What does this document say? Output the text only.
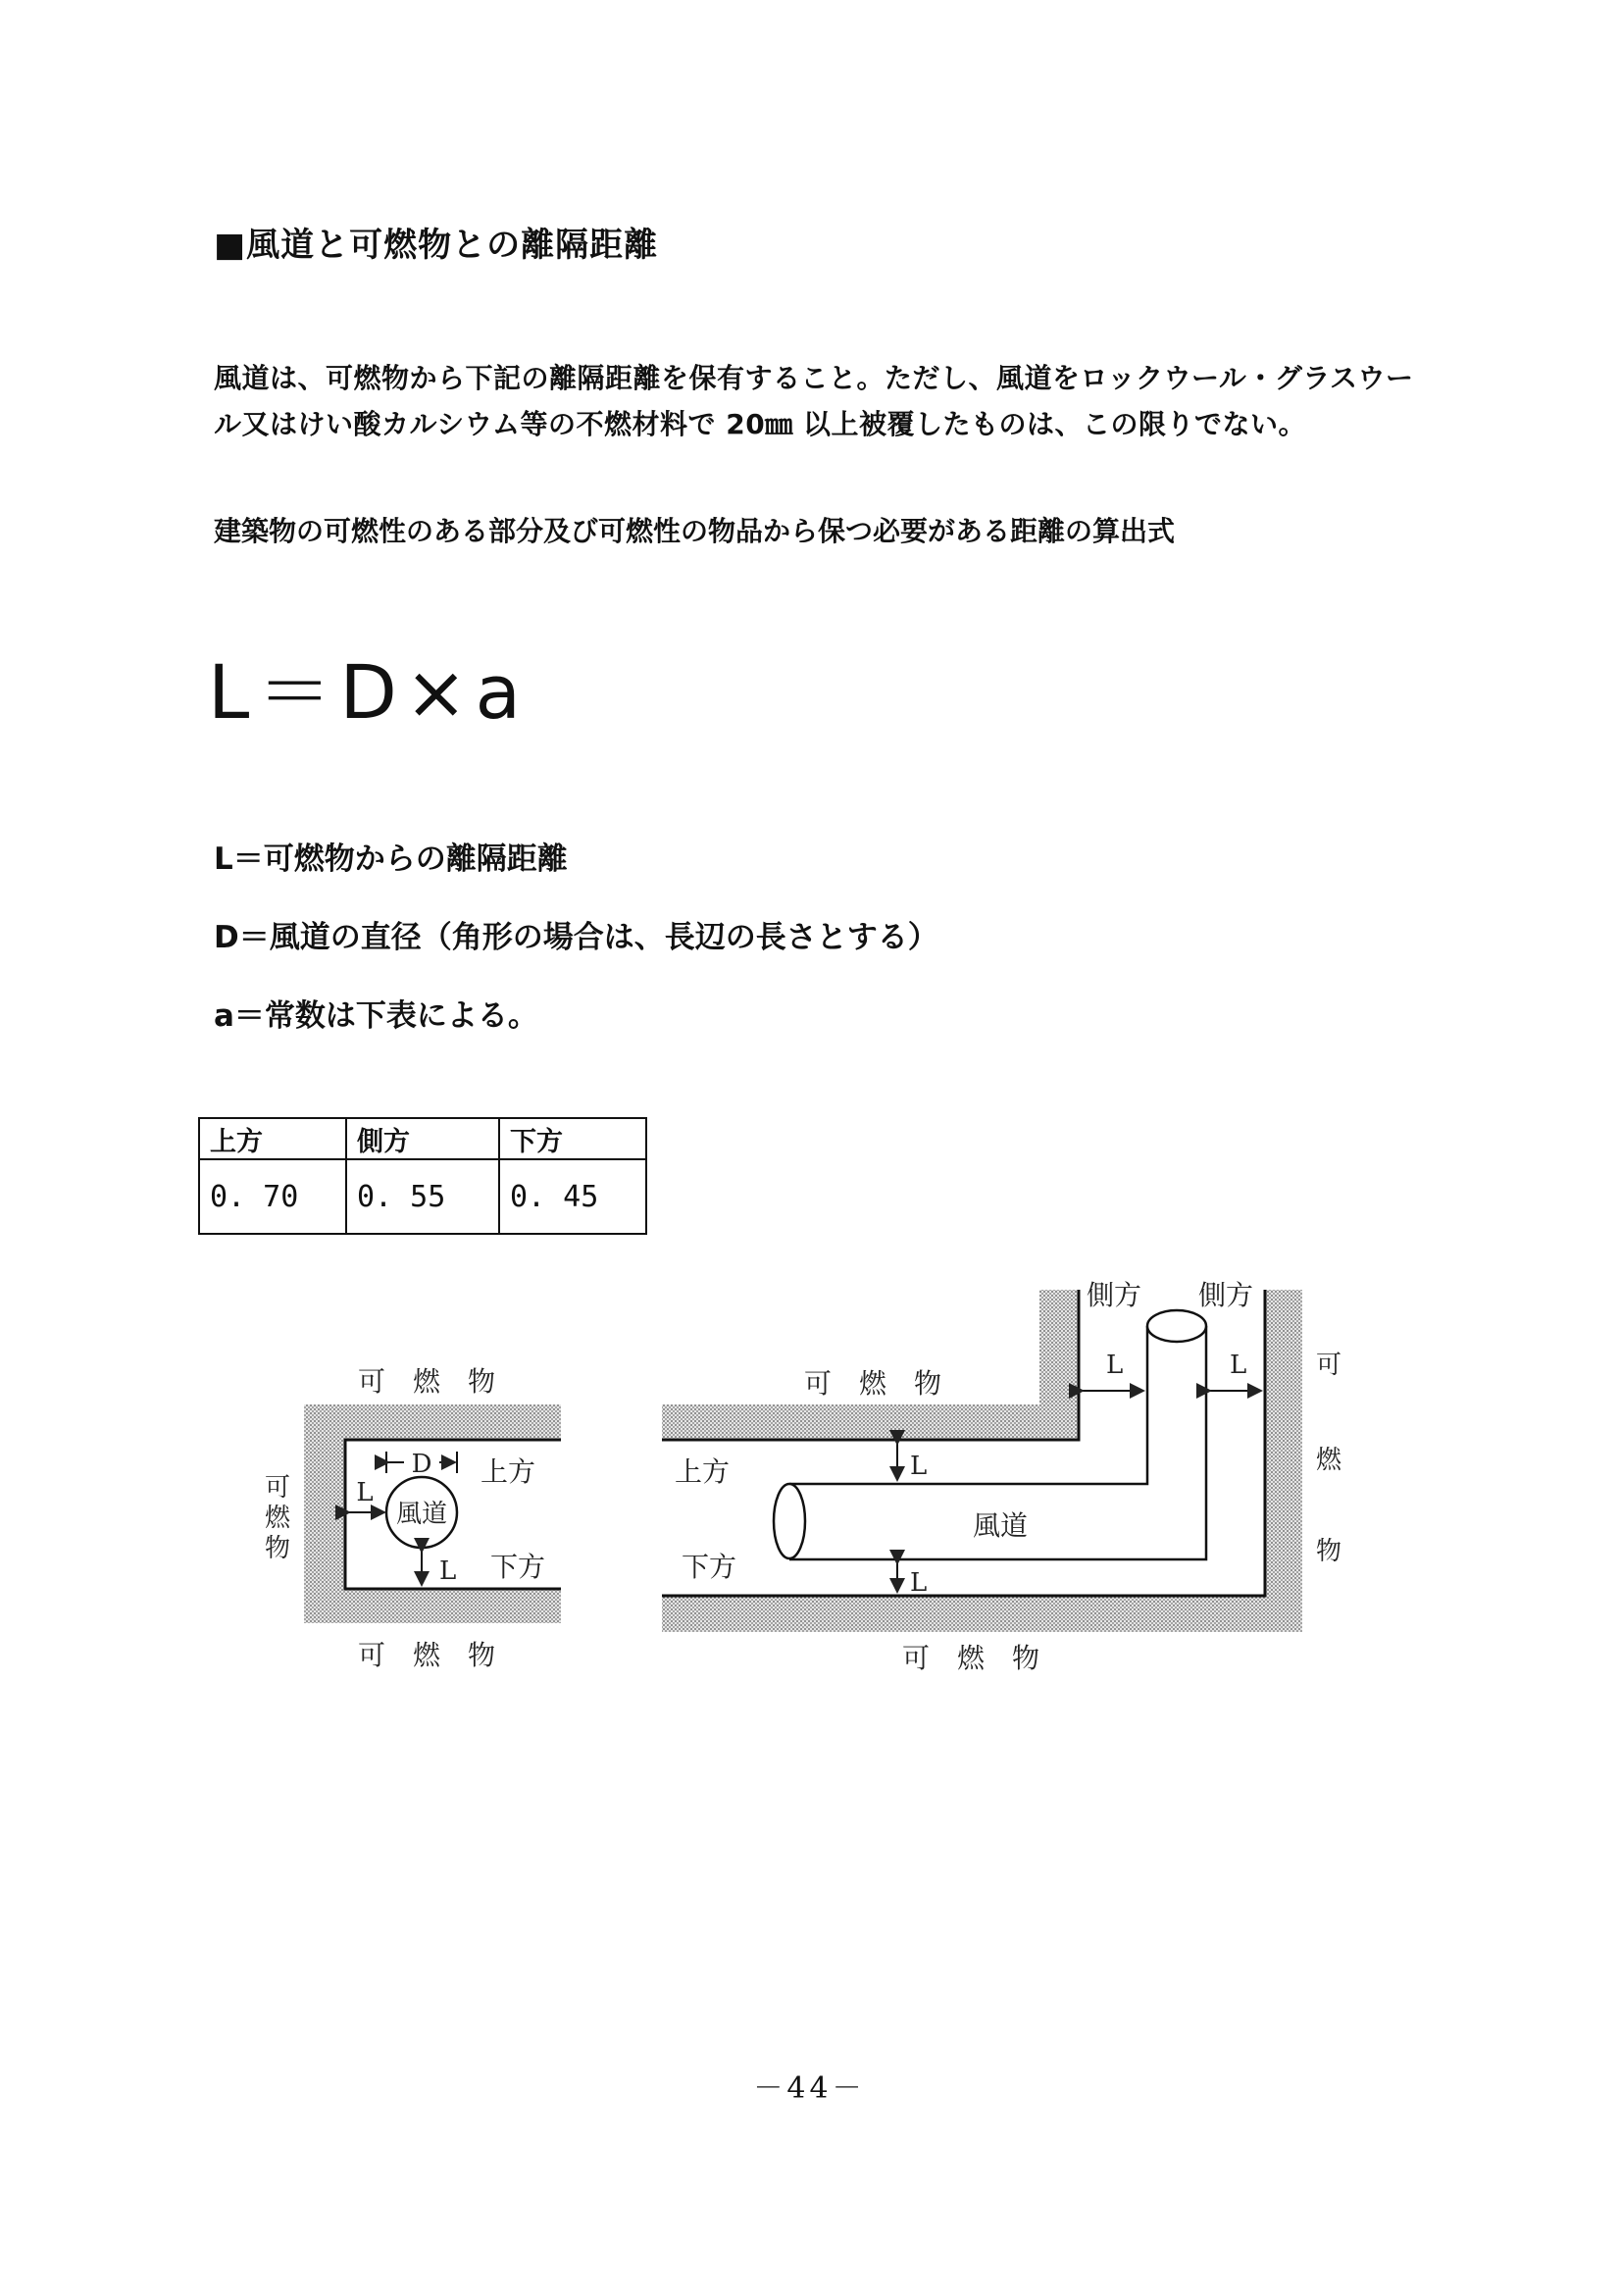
■風道と可燃物との離隔距離
風道は、可燃物から下記の離隔距離を保有すること。ただし、風道をロックウール・グラスウー
ル又はけい酸カルシウム等の不燃材料で 20㎜ 以上被覆したものは、この限りでない。
建築物の可燃性のある部分及び可燃性の物品から保つ必要がある距離の算出式
L＝D×a
L＝可燃物からの離隔距離
D＝風道の直径（角形の場合は、長辺の長さとする）
a＝常数は下表による。
上方	側方	下方
0. 70	0. 55	0. 45
風道
D
L
L
可　燃　物
可　燃　物
可
燃
物
上方
下方
風道
L
L
L	L
側方 側方
可　燃　物
可　燃　物
可
燃
物
上方
下方
－44－
